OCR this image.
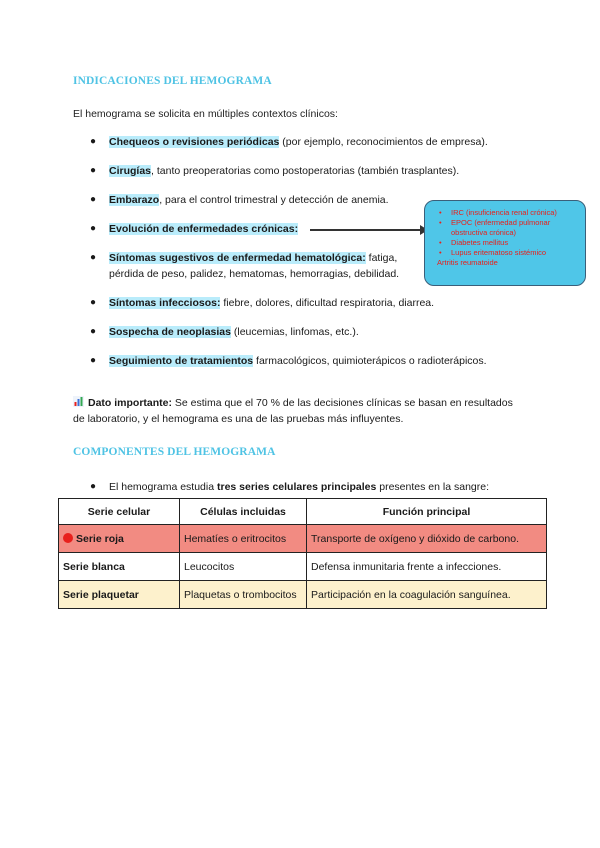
INDICACIONES DEL HEMOGRAMA
El hemograma se solicita en múltiples contextos clínicos:
● Chequeos o revisiones periódicas (por ejemplo, reconocimientos de empresa).
● Cirugías, tanto preoperatorias como postoperatorias (también trasplantes).
● Embarazo, para el control trimestral y detección de anemia.
● Evolución de enfermedades crónicas:
● Síntomas sugestivos de enfermedad hematológica: fatiga, pérdida de peso, palidez, hematomas, hemorragias, debilidad.
● Síntomas infecciosos: fiebre, dolores, dificultad respiratoria, diarrea.
● Sospecha de neoplasias (leucemias, linfomas, etc.).
● Seguimiento de tratamientos farmacológicos, quimioterápicos o radioterápicos.
• IRC (insuficiencia renal crónica)
• EPOC (enfermedad pulmonar obstructiva crónica)
• Diabetes mellitus
• Lupus eritematoso sistémico
Artritis reumatoide
Dato importante: Se estima que el 70 % de las decisiones clínicas se basan en resultados de laboratorio, y el hemograma es una de las pruebas más influyentes.
COMPONENTES DEL HEMOGRAMA
● El hemograma estudia tres series celulares principales presentes en la sangre:
Serie celular	Células incluidas	Función principal
Serie roja	Hematíes o eritrocitos	Transporte de oxígeno y dióxido de carbono.
Serie blanca	Leucocitos	Defensa inmunitaria frente a infecciones.
Serie plaquetar	Plaquetas o trombocitos	Participación en la coagulación sanguínea.
